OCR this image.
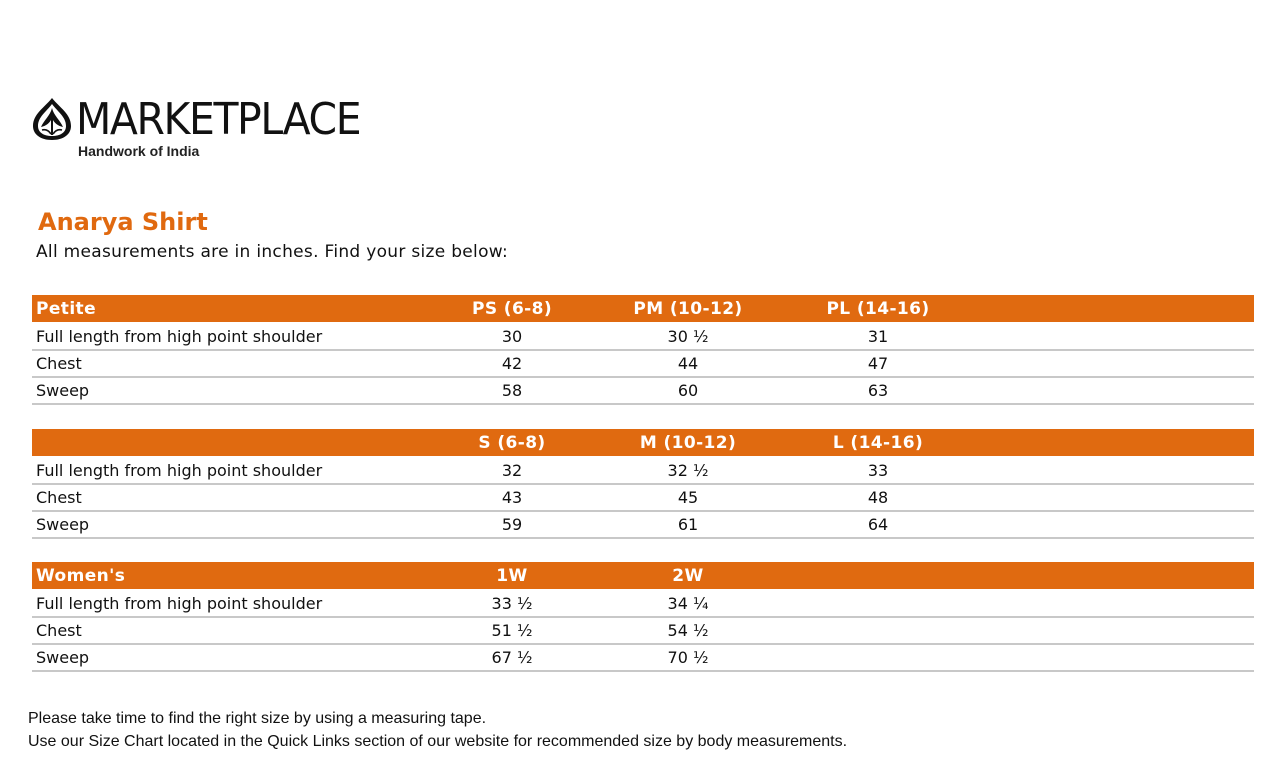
MARKETPLACE
Handwork of India
Anarya Shirt
All measurements are in inches. Find your size below:
Petite	PS (6-8)	PM (10-12)	PL (14-16)	
Full length from high point shoulder	30	30 ½	31	
Chest	42	44	47	
Sweep	58	60	63	
	S (6-8)	M (10-12)	L (14-16)	
Full length from high point shoulder	32	32 ½	33	
Chest	43	45	48	
Sweep	59	61	64	
Women's	1W	2W		
Full length from high point shoulder	33 ½	34 ¼		
Chest	51 ½	54 ½		
Sweep	67 ½	70 ½		
Please take time to find the right size by using a measuring tape.
Use our Size Chart located in the Quick Links section of our website for recommended size by body measurements.
